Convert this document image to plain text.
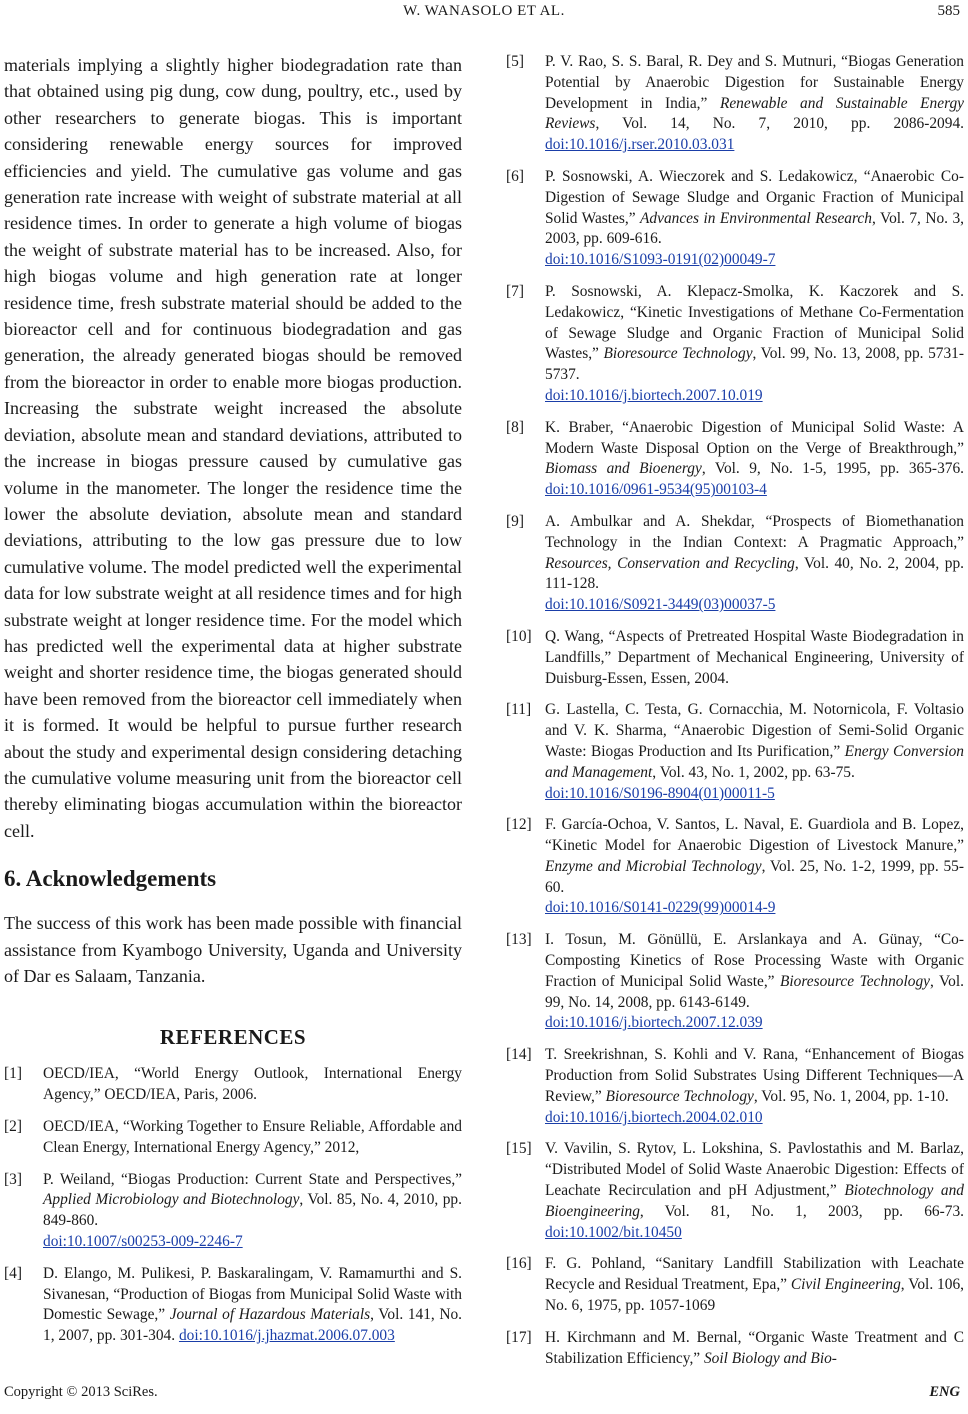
W. WANASOLO ET AL.	585

materials implying a slightly higher biodegradation rate than that obtained using pig dung, cow dung, poultry, etc., used by other researchers to generate biogas. This is important considering renewable energy sources for improved efficiencies and yield. The cumulative gas volume and gas generation rate increase with weight of substrate material at all residence times. In order to generate a high volume of biogas the weight of substrate material has to be increased. Also, for high biogas volume and high generation rate at longer residence time, fresh substrate material should be added to the bioreactor cell and for continuous biodegradation and gas generation, the already generated biogas should be removed from the bioreactor in order to enable more biogas production. Increasing the substrate weight increased the absolute deviation, absolute mean and standard deviations, attributed to the increase in biogas pressure caused by cumulative gas volume in the manometer. The longer the residence time the lower the absolute deviation, absolute mean and standard deviations, attributing to the low gas pressure due to low cumulative volume. The model predicted well the experimental data for low substrate weight at all residence times and for high substrate weight at longer residence time. For the model which has predicted well the experimental data at higher substrate weight and shorter residence time, the biogas generated should have been removed from the bioreactor cell immediately when it is formed. It would be helpful to pursue further research about the study and experimental design considering detaching the cumulative volume measuring unit from the bioreactor cell thereby eliminating biogas accumulation within the bioreactor cell.

6. Acknowledgements

The success of this work has been made possible with financial assistance from Kyambogo University, Uganda and University of Dar es Salaam, Tanzania.

REFERENCES
[1] OECD/IEA, “World Energy Outlook, International Energy Agency,” OECD/IEA, Paris, 2006.
[2] OECD/IEA, “Working Together to Ensure Reliable, Affordable and Clean Energy, International Energy Agency,” 2012,
[3] P. Weiland, “Biogas Production: Current State and Perspectives,” Applied Microbiology and Biotechnology, Vol. 85, No. 4, 2010, pp. 849-860.
doi:10.1007/s00253-009-2246-7
[4] D. Elango, M. Pulikesi, P. Baskaralingam, V. Ramamurthi and S. Sivanesan, “Production of Biogas from Municipal Solid Waste with Domestic Sewage,” Journal of Hazardous Materials, Vol. 141, No. 1, 2007, pp. 301-304. doi:10.1016/j.jhazmat.2006.07.003
[5] P. V. Rao, S. S. Baral, R. Dey and S. Mutnuri, “Biogas Generation Potential by Anaerobic Digestion for Sustainable Energy Development in India,” Renewable and Sustainable Energy Reviews, Vol. 14, No. 7, 2010, pp. 2086-2094. doi:10.1016/j.rser.2010.03.031
[6] P. Sosnowski, A. Wieczorek and S. Ledakowicz, “Anaerobic Co-Digestion of Sewage Sludge and Organic Fraction of Municipal Solid Wastes,” Advances in Environmental Research, Vol. 7, No. 3, 2003, pp. 609-616.
doi:10.1016/S1093-0191(02)00049-7
[7] P. Sosnowski, A. Klepacz-Smolka, K. Kaczorek and S. Ledakowicz, “Kinetic Investigations of Methane Co-Fermentation of Sewage Sludge and Organic Fraction of Municipal Solid Wastes,” Bioresource Technology, Vol. 99, No. 13, 2008, pp. 5731-5737.
doi:10.1016/j.biortech.2007.10.019
[8] K. Braber, “Anaerobic Digestion of Municipal Solid Waste: A Modern Waste Disposal Option on the Verge of Breakthrough,” Biomass and Bioenergy, Vol. 9, No. 1-5, 1995, pp. 365-376. doi:10.1016/0961-9534(95)00103-4
[9] A. Ambulkar and A. Shekdar, “Prospects of Biomethanation Technology in the Indian Context: A Pragmatic Approach,” Resources, Conservation and Recycling, Vol. 40, No. 2, 2004, pp. 111-128.
doi:10.1016/S0921-3449(03)00037-5
[10] Q. Wang, “Aspects of Pretreated Hospital Waste Biodegradation in Landfills,” Department of Mechanical Engineering, University of Duisburg-Essen, Essen, 2004.
[11] G. Lastella, C. Testa, G. Cornacchia, M. Notornicola, F. Voltasio and V. K. Sharma, “Anaerobic Digestion of Semi-Solid Organic Waste: Biogas Production and Its Purification,” Energy Conversion and Management, Vol. 43, No. 1, 2002, pp. 63-75.
doi:10.1016/S0196-8904(01)00011-5
[12] F. García-Ochoa, V. Santos, L. Naval, E. Guardiola and B. Lopez, “Kinetic Model for Anaerobic Digestion of Livestock Manure,” Enzyme and Microbial Technology, Vol. 25, No. 1-2, 1999, pp. 55-60.
doi:10.1016/S0141-0229(99)00014-9
[13] I. Tosun, M. Gönüllü, E. Arslankaya and A. Günay, “Co-Composting Kinetics of Rose Processing Waste with Organic Fraction of Municipal Solid Waste,” Bioresource Technology, Vol. 99, No. 14, 2008, pp. 6143-6149.
doi:10.1016/j.biortech.2007.12.039
[14] T. Sreekrishnan, S. Kohli and V. Rana, “Enhancement of Biogas Production from Solid Substrates Using Different Techniques—A Review,” Bioresource Technology, Vol. 95, No. 1, 2004, pp. 1-10.
doi:10.1016/j.biortech.2004.02.010
[15] V. Vavilin, S. Rytov, L. Lokshina, S. Pavlostathis and M. Barlaz, “Distributed Model of Solid Waste Anaerobic Digestion: Effects of Leachate Recirculation and pH Adjustment,” Biotechnology and Bioengineering, Vol. 81, No. 1, 2003, pp. 66-73. doi:10.1002/bit.10450
[16] F. G. Pohland, “Sanitary Landfill Stabilization with Leachate Recycle and Residual Treatment, Epa,” Civil Engineering, Vol. 106, No. 6, 1975, pp. 1057-1069
[17] H. Kirchmann and M. Bernal, “Organic Waste Treatment and C Stabilization Efficiency,” Soil Biology and Bio-
Copyright © 2013 SciRes.	ENG
